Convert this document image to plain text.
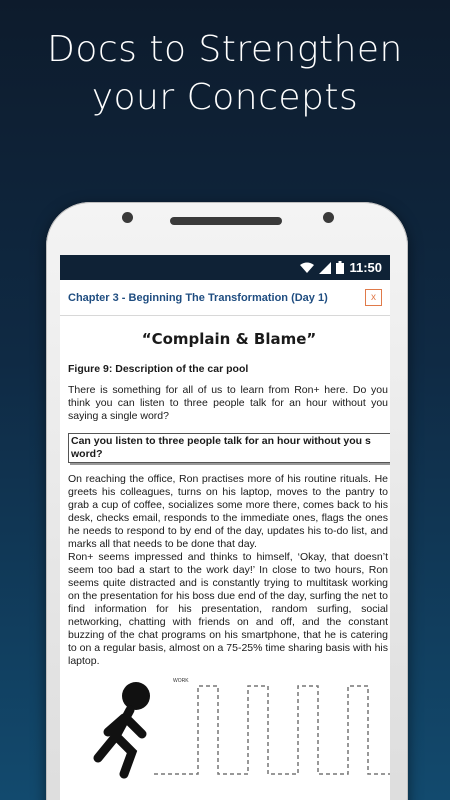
Docs to Strengthen
your Concepts
11:50
Chapter 3 - Beginning The Transformation (Day 1)	x
“Complain & Blame”
Figure 9: Description of the car pool

There is something for all of us to learn from Ron+ here. Do you think you can listen to three people talk for an hour without you saying a single word?

Can you listen to three people talk for an hour without you s
word?

On reaching the office, Ron practises more of his routine rituals. He greets his colleagues, turns on his laptop, moves to the pantry to grab a cup of coffee, socializes some more there, comes back to his desk, checks email, responds to the immediate ones, flags the ones he needs to respond to by end of the day, updates his to-do list, and marks all that needs to be done that day.

Ron+ seems impressed and thinks to himself, ‘Okay, that doesn’t seem too bad a start to the work day!’ In close to two hours, Ron seems quite distracted and is constantly trying to multitask working on the presentation for his boss due end of the day, surfing the net to find information for his presentation, random surfing, social networking, chatting with friends on and off, and the constant buzzing of the chat programs on his smartphone, that he is catering to on a regular basis, almost on a 75-25% time sharing basis with his laptop.

WORK
